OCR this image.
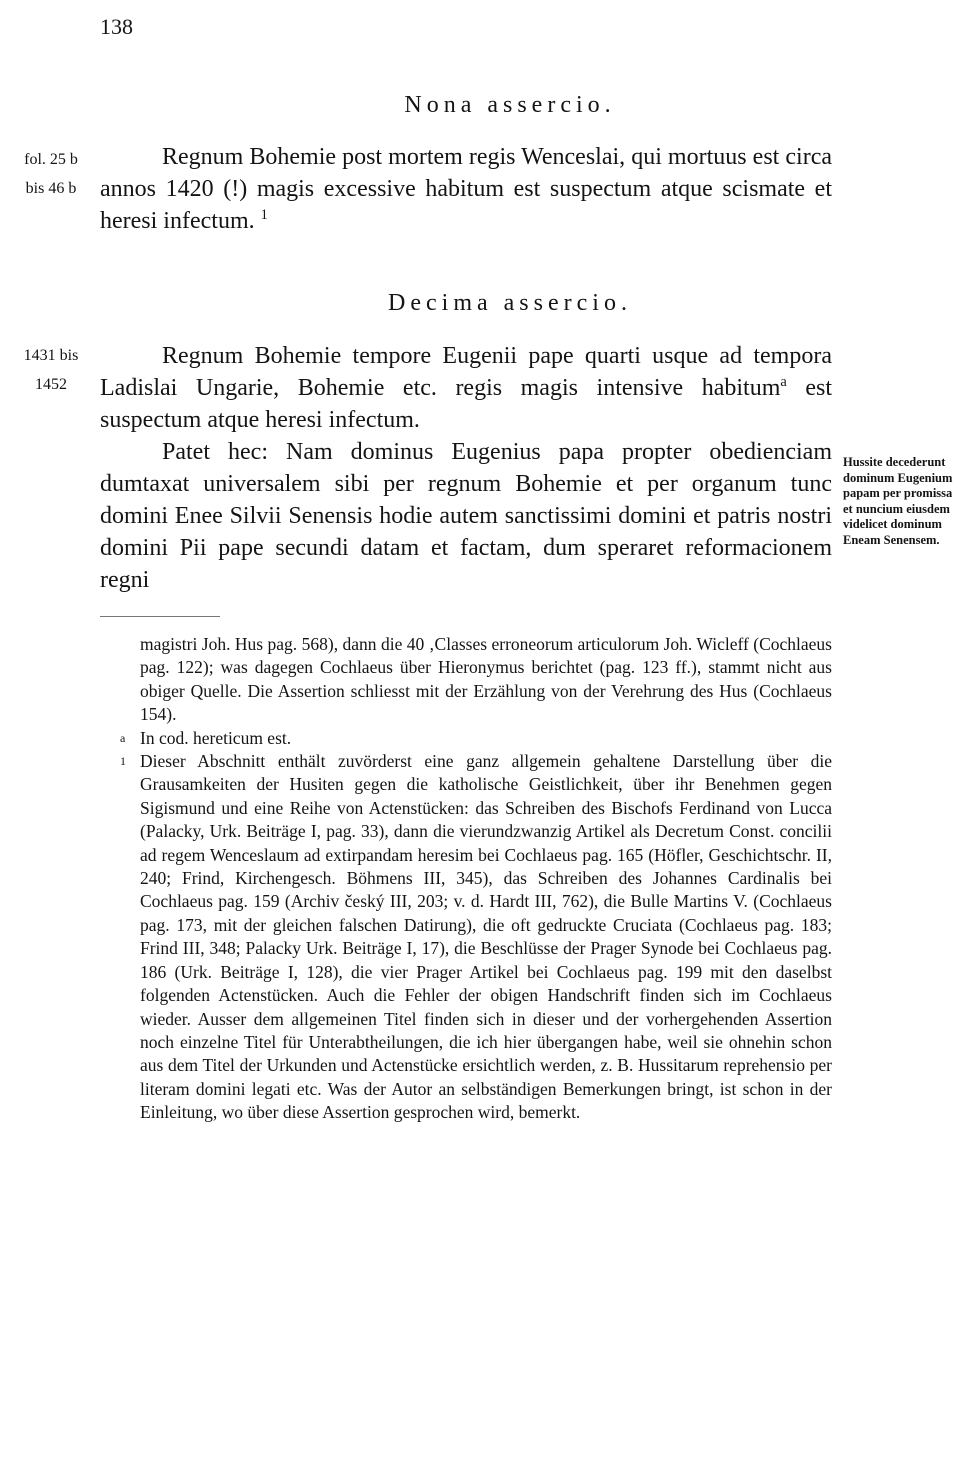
138
Nona assercio.
fol. 25 b
bis 46 b

Regnum Bohemie post mortem regis Wenceslai, qui mortuus est circa annos 1420 (!) magis excessive habitum est suspectum atque scismate et heresi infectum. $^1$

Decima assercio.
1431 bis
1452

Regnum Bohemie tempore Eugenii pape quarti usque ad tempora Ladislai Ungarie, Bohemie etc. regis magis intensive habitum$^a$ est suspectum atque heresi infectum.

Patet hec: Nam dominus Eugenius papa propter obedienciam dumtaxat universalem sibi per regnum Bohemie et per organum tunc domini Enee Silvii Senensis hodie autem sanctissimi domini et patris nostri domini Pii pape secundi datam et factam, dum speraret reformacionem regni

Hussite decederunt dominum Eugenium papam per promissa et nuncium eiusdem videlicet dominum Eneam Senensem.

magistri Joh. Hus pag. 568), dann die 40 ‚Classes erroneorum articulorum Joh. Wicleff (Cochlaeus pag. 122); was dagegen Cochlaeus über Hieronymus berichtet (pag. 123 ff.), stammt nicht aus obiger Quelle. Die Assertion schliesst mit der Erzählung von der Verehrung des Hus (Cochlaeus 154).

a In cod. hereticum est.

1 Dieser Abschnitt enthält zuvörderst eine ganz allgemein gehaltene Darstellung über die Grausamkeiten der Husiten gegen die katholische Geistlichkeit, über ihr Benehmen gegen Sigismund und eine Reihe von Actenstücken: das Schreiben des Bischofs Ferdinand von Lucca (Palacky, Urk. Beiträge I, pag. 33), dann die vierundzwanzig Artikel als Decretum Const. concilii ad regem Wenceslaum ad extirpandam heresim bei Cochlaeus pag. 165 (Höfler, Geschichtschr. II, 240; Frind, Kirchengesch. Böhmens III, 345), das Schreiben des Johannes Cardinalis bei Cochlaeus pag. 159 (Archiv český III, 203; v. d. Hardt III, 762), die Bulle Martins V. (Cochlaeus pag. 173, mit der gleichen falschen Datirung), die oft gedruckte Cruciata (Cochlaeus pag. 183; Frind III, 348; Palacky Urk. Beiträge I, 17), die Beschlüsse der Prager Synode bei Cochlaeus pag. 186 (Urk. Beiträge I, 128), die vier Prager Artikel bei Cochlaeus pag. 199 mit den daselbst folgenden Actenstücken. Auch die Fehler der obigen Handschrift finden sich im Cochlaeus wieder. Ausser dem allgemeinen Titel finden sich in dieser und der vorhergehenden Assertion noch einzelne Titel für Unterabtheilungen, die ich hier übergangen habe, weil sie ohnehin schon aus dem Titel der Urkunden und Actenstücke ersichtlich werden, z. B. Hussitarum reprehensio per literam domini legati etc. Was der Autor an selbständigen Bemerkungen bringt, ist schon in der Einleitung, wo über diese Assertion gesprochen wird, bemerkt.
